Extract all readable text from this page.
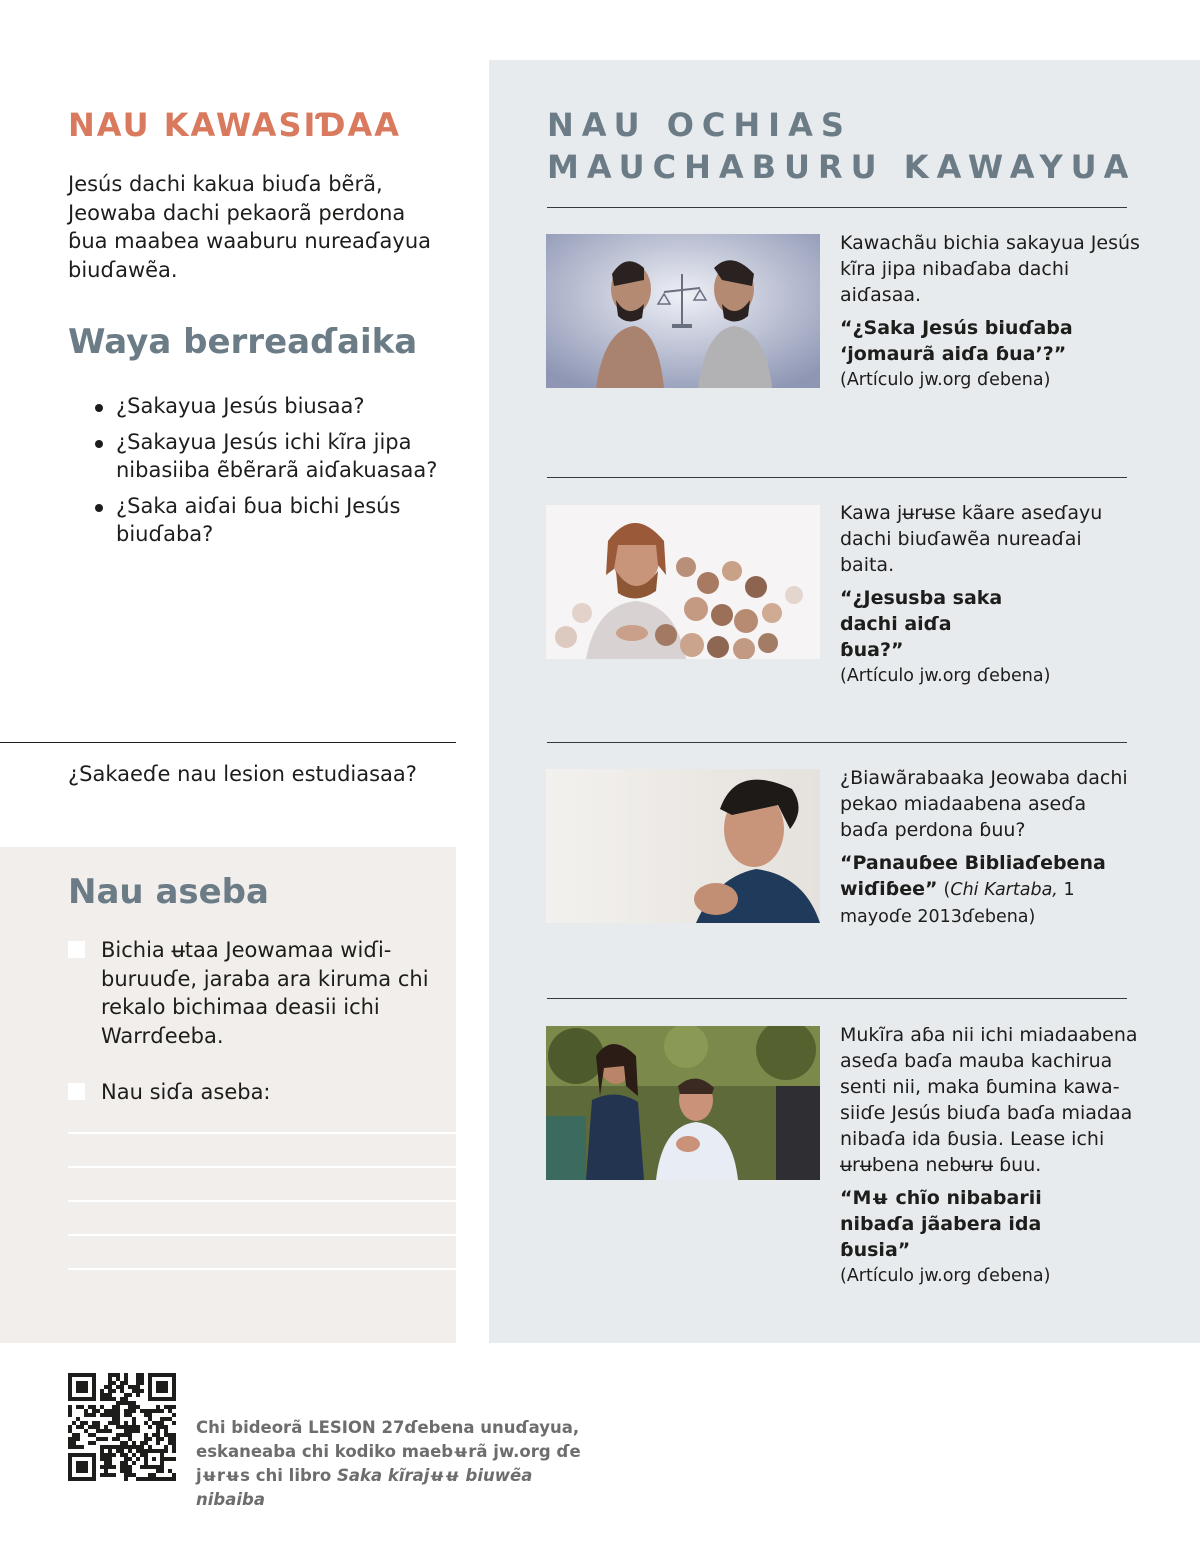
NAU KAWASIƊAA

Jesús dachi kakua biuɗa bẽrã, Jeowaba dachi pekaorã perdona ɓua maabea waaburu nureaɗayua biuɗawẽa.

Waya berreaɗaika
¿Sakayua Jesús biusaa?
¿Sakayua Jesús ichi kĩra jipa nibasiiba ẽbẽrarã aiɗakuasaa?
¿Saka aiɗai ɓua bichi Jesús biuɗaba?

¿Sakaeɗe nau lesion estudiasaa?

Nau aseba
Bichia ʉtaa Jeowamaa wiɗi-buruuɗe, jaraba ara kiruma chi rekalo bichimaa deasii ichi Warrɗeeba.
Nau siɗa aseba:
NAU OCHIAS
MAUCHABURU KAWAYUA

Kawachãu bichia sakayua Jesús kĩra jipa nibaɗaba dachi aiɗasaa.

“¿Saka Jesús biuɗaba ‘jomaurã aiɗa ɓua’?”

(Artículo jw.org ɗebena)

Kawa jʉrʉse kãare aseɗayu dachi biuɗawẽa nureaɗai baita.

“¿Jesusba saka dachi aiɗa ɓua?”

(Artículo jw.org ɗebena)

¿Biawãrabaaka Jeowaba dachi pekao miadaabena aseɗa baɗa perdona ɓuu?

“Panauɓee Bibliaɗebena wiɗiɓee” (Chi Kartaba, 1 mayoɗe 2013ɗebena)

Mukĩra aɓa nii ichi miadaabena aseɗa baɗa mauba kachirua senti nii, maka ɓumina kawa-siiɗe Jesús biuɗa baɗa miadaa nibaɗa ida ɓusia. Lease ichi ʉrʉbena nebʉrʉ ɓuu.

“Mʉ chĩo nibabarii nibaɗa jãabera ida ɓusia”

(Artículo jw.org ɗebena)

Chi bideorã LESION 27ɗebena unuɗayua,
eskaneaba chi kodiko maebʉrã jw.org ɗe
jʉrʉs chi libro Saka kĩrajʉʉ biuwẽa nibaiba
